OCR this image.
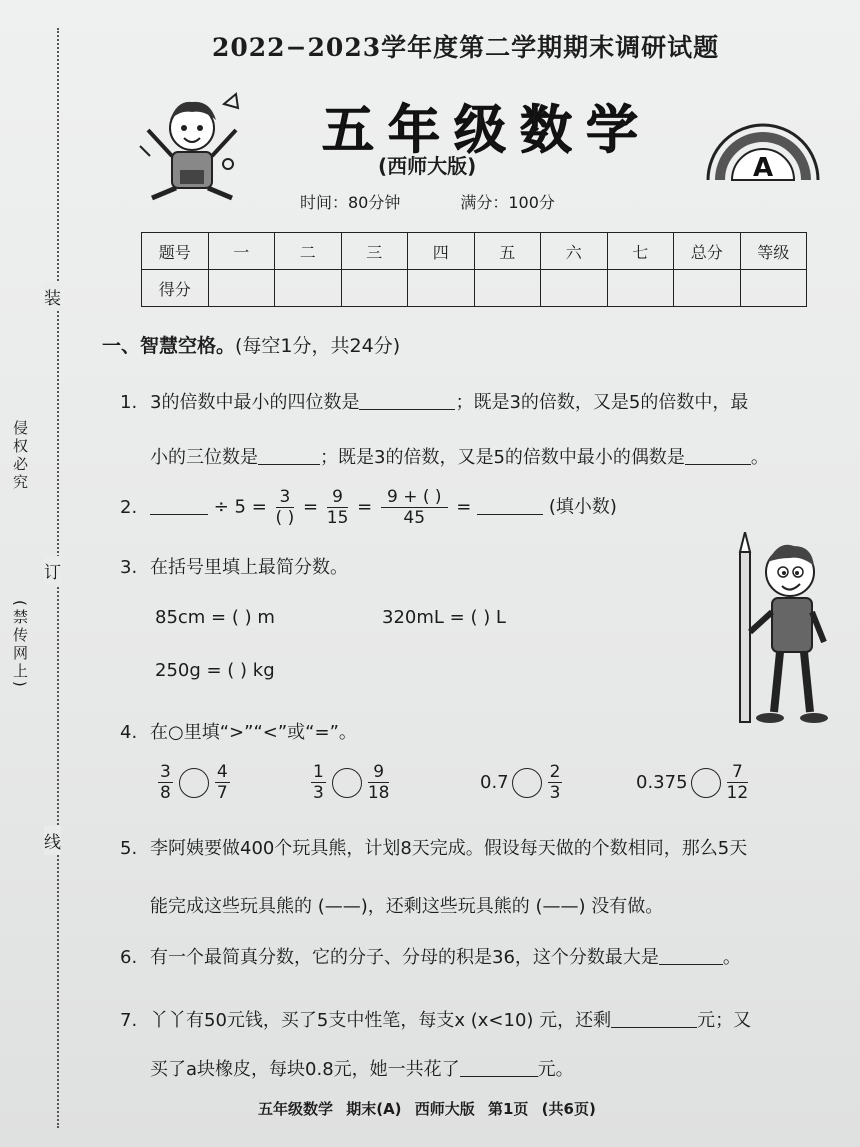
装
订
线
侵权必究
(禁传网上)
2022−2023学年度第二学期期末调研试题
五年级数学
(西师大版)	A
时间：80分钟	满分：100分
题号	一	二	三	四	五	六	七	总分	等级
得分									
一、智慧空格。(每空1分，共24分)
1. 3的倍数中最小的四位数是	；既是3的倍数，又是5的倍数中，最
小的三位数是	；既是3的倍数，又是5的倍数中最小的偶数是	。
2.	÷ $5 = \frac{3}{( )} = \frac{9}{15} = \frac{9 + ( )}{45}$ =	(填小数)
3. 在括号里填上最简分数。
85cm = ( ) m	320mL = ( ) L
250g = ( ) kg
4. 在○里填“>”“<”或“=”。
$\frac{3}{8} \frac{4}{7}$	$\frac{1}{3} \frac{9}{18}$	$0.7 \frac{2}{3}$	$0.375 \frac{7}{12}$
5. 李阿姨要做400个玩具熊，计划8天完成。假设每天做的个数相同，那么5天
能完成这些玩具熊的 (——)，还剩这些玩具熊的 (——) 没有做。
6. 有一个最简真分数，它的分子、分母的积是36，这个分数最大是	。
7. 丫丫有50元钱，买了5支中性笔，每支x (x<10) 元，还剩	元；又
买了a块橡皮，每块0.8元，她一共花了	元。
五年级数学 期末(A) 西师大版 第1页 (共6页)
